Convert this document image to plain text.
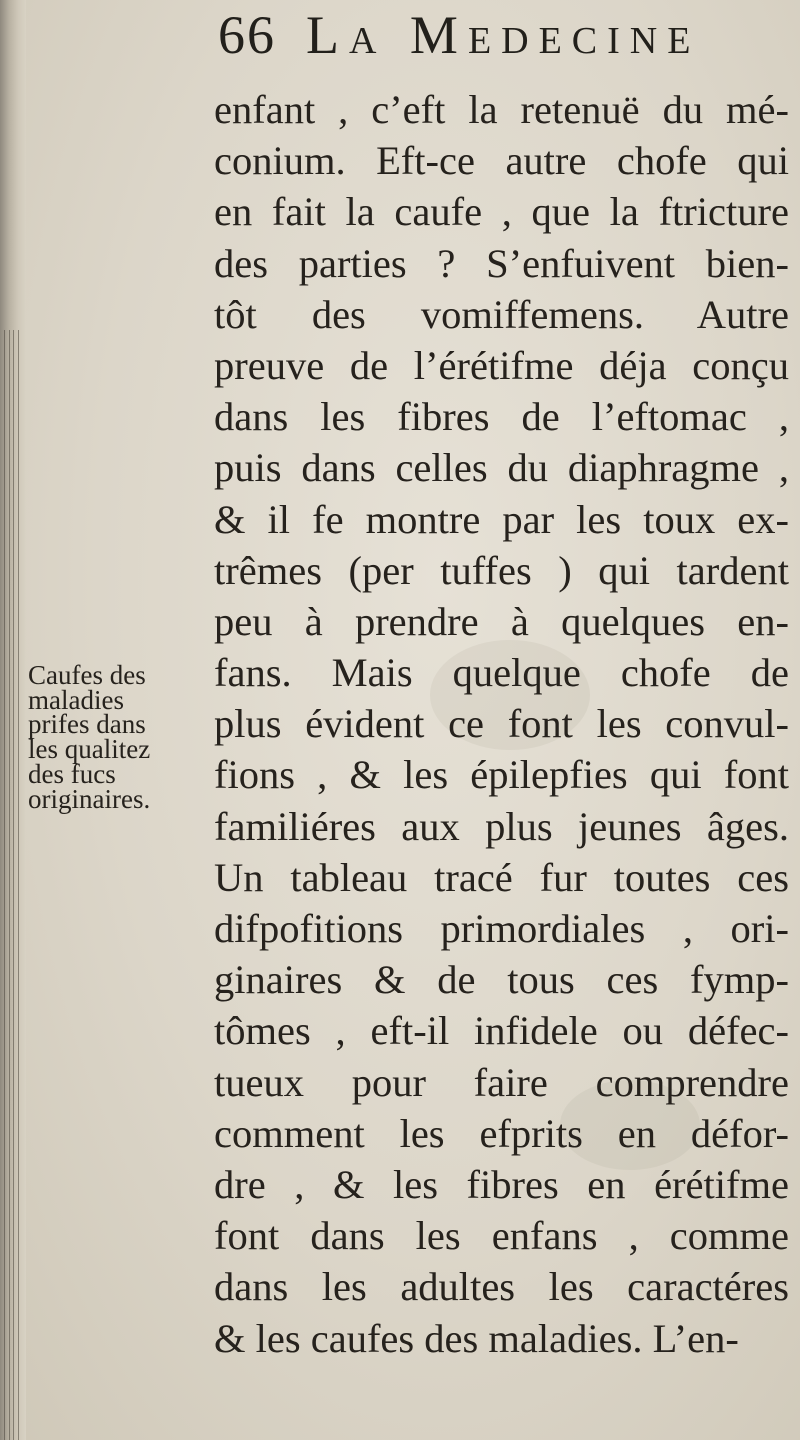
66 La Medecine
enfant , c’eft la retenuë du mé-
conium. Eft-ce autre chofe qui
en fait la caufe , que la ftricture
des parties ? S’enfuivent bien-
tôt des vomiffemens. Autre
preuve de l’érétifme déja conçu
dans les fibres de l’eftomac ,
puis dans celles du diaphragme ,
& il fe montre par les toux ex-
trêmes (per tuffes ) qui tardent
peu à prendre à quelques en-
fans. Mais quelque chofe de
plus évident ce font les convul-
fions , & les épilepfies qui font
familiéres aux plus jeunes âges.
Un tableau tracé fur toutes ces
difpofitions primordiales , ori-
ginaires & de tous ces fymp-
tômes , eft-il infidele ou défec-
tueux pour faire comprendre
comment les efprits en défor-
dre , & les fibres en érétifme
font dans les enfans , comme
dans les adultes les caractéres
& les caufes des maladies. L’en-
Caufes des
maladies
prifes dans
les qualitez
des fucs
originaires.
